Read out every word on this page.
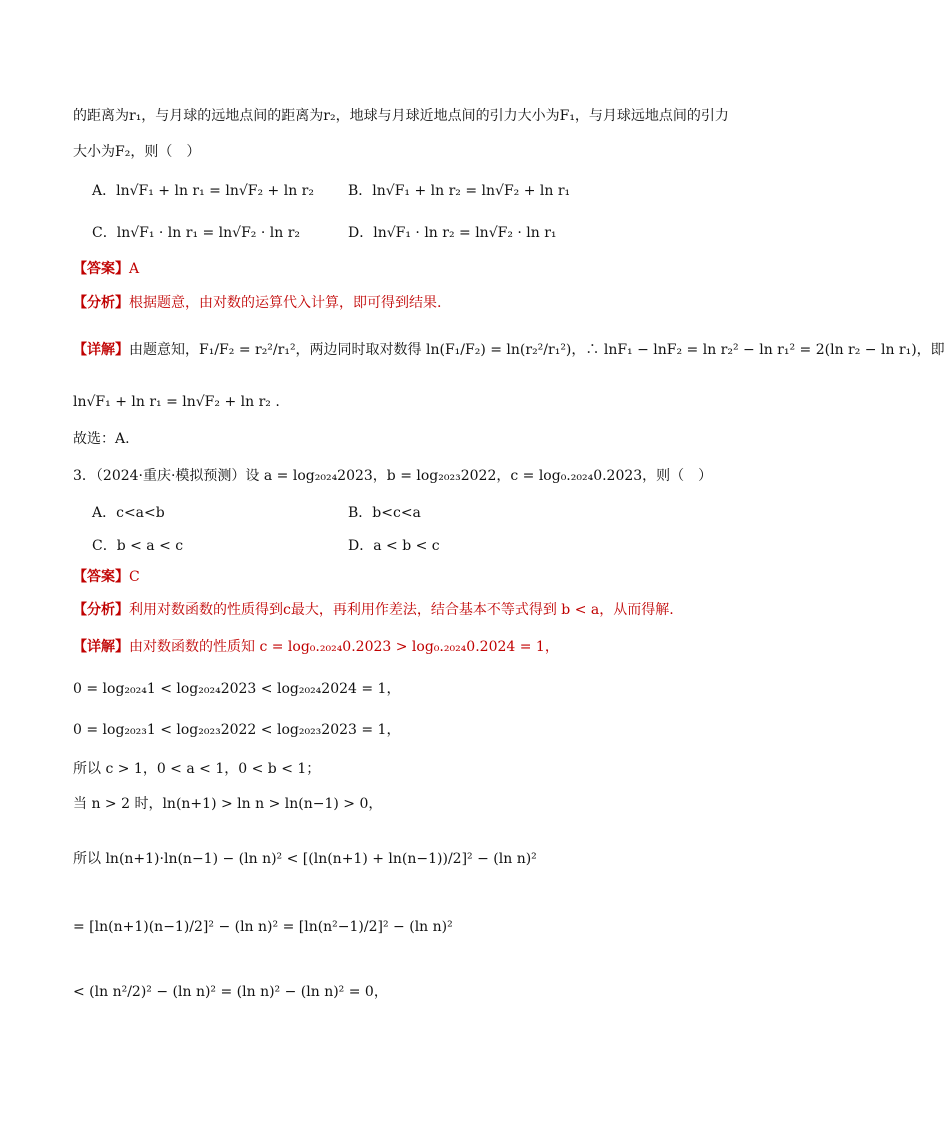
的距离为r₁，与月球的远地点间的距离为r₂，地球与月球近地点间的引力大小为F₁，与月球远地点间的引力
大小为F₂，则（　）
A．ln√F₁ + ln r₁ = ln√F₂ + ln r₂ B．ln√F₁ + ln r₂ = ln√F₂ + ln r₁
C．ln√F₁ · ln r₁ = ln√F₂ · ln r₂	D．ln√F₁ · ln r₂ = ln√F₂ · ln r₁
【答案】A
【分析】根据题意，由对数的运算代入计算，即可得到结果.
【详解】由题意知，F₁/F₂ = r₂²/r₁²，两边同时取对数得 ln(F₁/F₂) = ln(r₂²/r₁²)，∴ lnF₁ − lnF₂ = ln r₂² − ln r₁² = 2(ln r₂ − ln r₁)，即
ln√F₁ + ln r₁ = ln√F₂ + ln r₂ .
故选：A.
3．（2024·重庆·模拟预测）设 a = log₂₀₂₄2023，b = log₂₀₂₃2022，c = log₀.₂₀₂₄0.2023，则（　）
A．c<a<b	B．b<c<a
C．b < a < c	D．a < b < c
【答案】C
【分析】利用对数函数的性质得到c最大，再利用作差法，结合基本不等式得到 b < a，从而得解.
【详解】由对数函数的性质知 c = log₀.₂₀₂₄0.2023 > log₀.₂₀₂₄0.2024 = 1，
0 = log₂₀₂₄1 < log₂₀₂₄2023 < log₂₀₂₄2024 = 1，
0 = log₂₀₂₃1 < log₂₀₂₃2022 < log₂₀₂₃2023 = 1，
所以 c > 1，0 < a < 1，0 < b < 1；
当 n > 2 时，ln(n+1) > ln n > ln(n−1) > 0，
所以 ln(n+1)·ln(n−1) − (ln n)² < [(ln(n+1) + ln(n−1))/2]² − (ln n)²
= [ln(n+1)(n−1)/2]² − (ln n)² = [ln(n²−1)/2]² − (ln n)²
< (ln n²/2)² − (ln n)² = (ln n)² − (ln n)² = 0，
